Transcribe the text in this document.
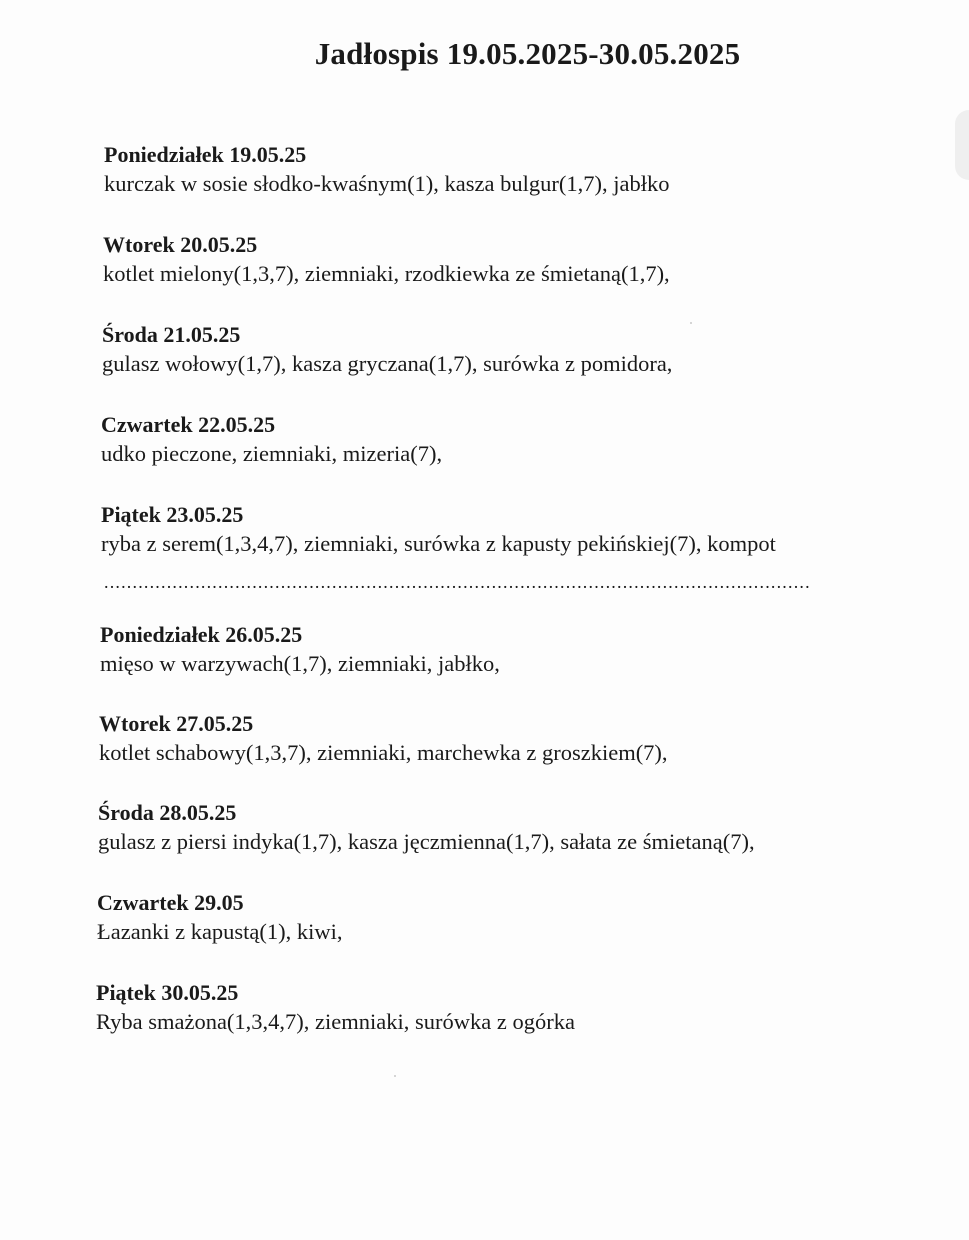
Jadłospis 19.05.2025-30.05.2025
Poniedziałek 19.05.25
kurczak w sosie słodko-kwaśnym(1), kasza bulgur(1,7), jabłko
Wtorek 20.05.25
kotlet mielony(1,3,7), ziemniaki, rzodkiewka ze śmietaną(1,7),
Środa 21.05.25
gulasz wołowy(1,7), kasza gryczana(1,7), surówka z pomidora,
Czwartek 22.05.25
udko pieczone, ziemniaki, mizeria(7),
Piątek 23.05.25
ryba z serem(1,3,4,7), ziemniaki, surówka z kapusty pekińskiej(7), kompot
............................................................................................................................
Poniedziałek 26.05.25
mięso w warzywach(1,7), ziemniaki, jabłko,
Wtorek 27.05.25
kotlet schabowy(1,3,7), ziemniaki, marchewka z groszkiem(7),
Środa 28.05.25
gulasz z piersi indyka(1,7), kasza jęczmienna(1,7), sałata ze śmietaną(7),
Czwartek 29.05
Łazanki z kapustą(1), kiwi,
Piątek 30.05.25
Ryba smażona(1,3,4,7), ziemniaki, surówka z ogórka
